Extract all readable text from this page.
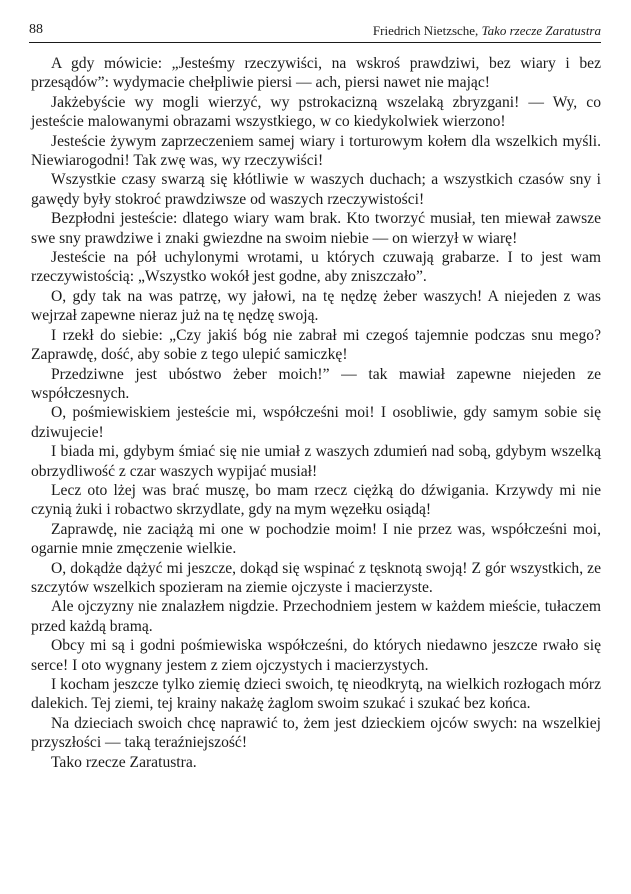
88	Friedrich Nietzsche, Tako rzecze Zaratustra

A gdy mówicie: „Jesteśmy rzeczywiści, na wskroś prawdziwi, bez wiary i bez przesądów”: wydymacie chełpliwie piersi — ach, piersi nawet nie mając!

Jakżebyście wy mogli wierzyć, wy pstrokacizną wszelaką zbryzgani! — Wy, co jesteście malowanymi obrazami wszystkiego, w co kiedykolwiek wierzono!

Jesteście żywym zaprzeczeniem samej wiary i torturowym kołem dla wszelkich myśli. Niewiarogodni! Tak zwę was, wy rzeczywiści!

Wszystkie czasy swarzą się kłótliwie w waszych duchach; a wszystkich czasów sny i gawędy były stokroć prawdziwsze od waszych rzeczywistości!

Bezpłodni jesteście: dlatego wiary wam brak. Kto tworzyć musiał, ten miewał zawsze swe sny prawdziwe i znaki gwiezdne na swoim niebie — on wierzył w wiarę!

Jesteście na pół uchylonymi wrotami, u których czuwają grabarze. I to jest wam rzeczywistością: „Wszystko wokół jest godne, aby zniszczało”.

O, gdy tak na was patrzę, wy jałowi, na tę nędzę żeber waszych! A niejeden z was wejrzał zapewne nieraz już na tę nędzę swoją.

I rzekł do siebie: „Czy jakiś bóg nie zabrał mi czegoś tajemnie podczas snu mego? Zaprawdę, dość, aby sobie z tego ulepić samiczkę!

Przedziwne jest ubóstwo żeber moich!” — tak mawiał zapewne niejeden ze współczesnych.

O, pośmiewiskiem jesteście mi, współcześni moi! I osobliwie, gdy samym sobie się dziwujecie!

I biada mi, gdybym śmiać się nie umiał z waszych zdumień nad sobą, gdybym wszelką obrzydliwość z czar waszych wypijać musiał!

Lecz oto lżej was brać muszę, bo mam rzecz ciężką do dźwigania. Krzywdy mi nie czynią żuki i robactwo skrzydlate, gdy na mym węzełku osiądą!

Zaprawdę, nie zaciążą mi one w pochodzie moim! I nie przez was, współcześni moi, ogarnie mnie zmęczenie wielkie.

O, dokądże dążyć mi jeszcze, dokąd się wspinać z tęsknotą swoją! Z gór wszystkich, ze szczytów wszelkich spozieram na ziemie ojczyste i macierzyste.

Ale ojczyzny nie znalazłem nigdzie. Przechodniem jestem w każdem mieście, tułaczem przed każdą bramą.

Obcy mi są i godni pośmiewiska współcześni, do których niedawno jeszcze rwało się serce! I oto wygnany jestem z ziem ojczystych i macierzystych.

I kocham jeszcze tylko ziemię dzieci swoich, tę nieodkrytą, na wielkich rozłogach mórz dalekich. Tej ziemi, tej krainy nakażę żaglom swoim szukać i szukać bez końca.

Na dzieciach swoich chcę naprawić to, żem jest dzieckiem ojców swych: na wszelkiej przyszłości — taką teraźniejszość!

Tako rzecze Zaratustra.
